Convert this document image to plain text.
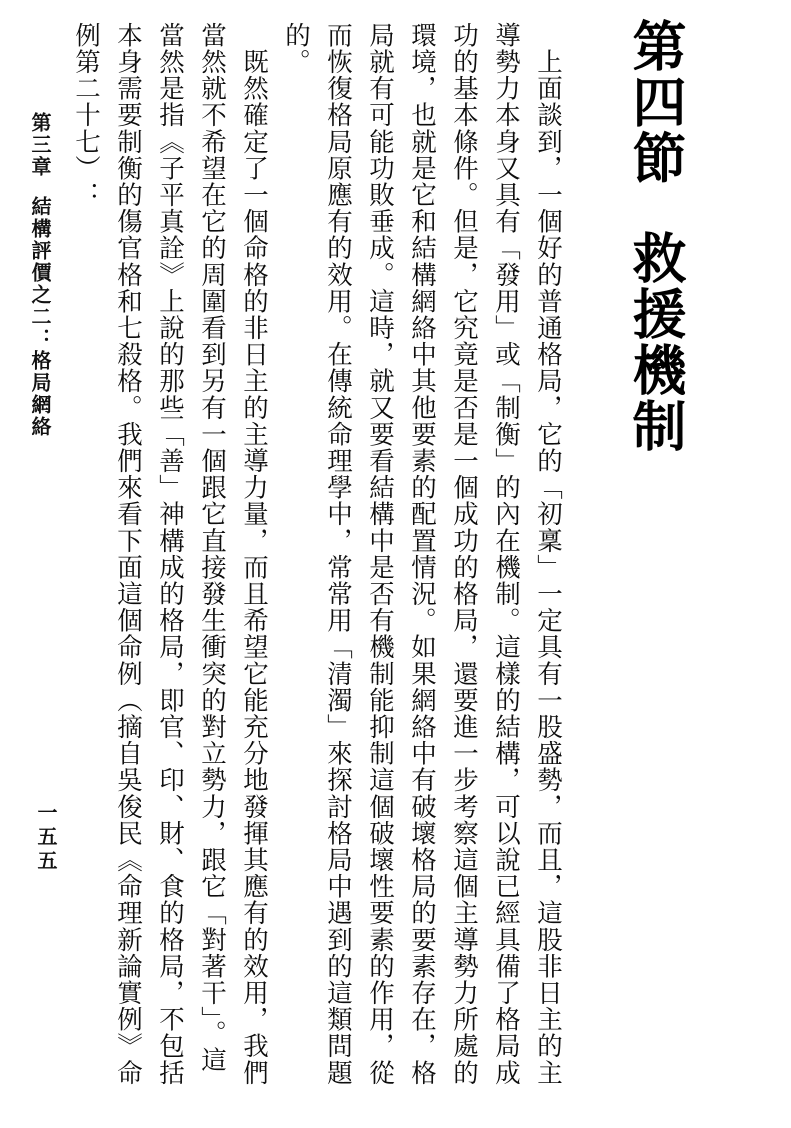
第四節救援機制

　上面談到，一個好的普通格局，它的「初稟」一定具有一股盛勢，而且，這股非日主的主導勢力本身又具有「發用」或「制衡」的內在機制。這樣的結構，可以說已經具備了格局成功的基本條件。但是，它究竟是否是一個成功的格局，還要進一步考察這個主導勢力所處的環境，也就是它和結構網絡中其他要素的配置情況。如果網絡中有破壞格局的要素存在，格局就有可能功敗垂成。這時，就又要看結構中是否有機制能抑制這個破壞性要素的作用，從而恢復格局原應有的效用。在傳統命理學中，常常用「清濁」來探討格局中遇到的這類問題的。

　既然確定了一個命格的非日主的主導力量，而且希望它能充分地發揮其應有的效用，我們當然就不希望在它的周圍看到另有一個跟它直接發生衝突的對立勢力，跟它「對著干」。這當然是指《子平真詮》上說的那些「善」神構成的格局，即官、印、財、食的格局，不包括本身需要制衡的傷官格和七殺格。我們來看下面這個命例（摘自吳俊民《命理新論實例》命例第二十七）：

第三章結構評價之二：格局網絡
一五五
